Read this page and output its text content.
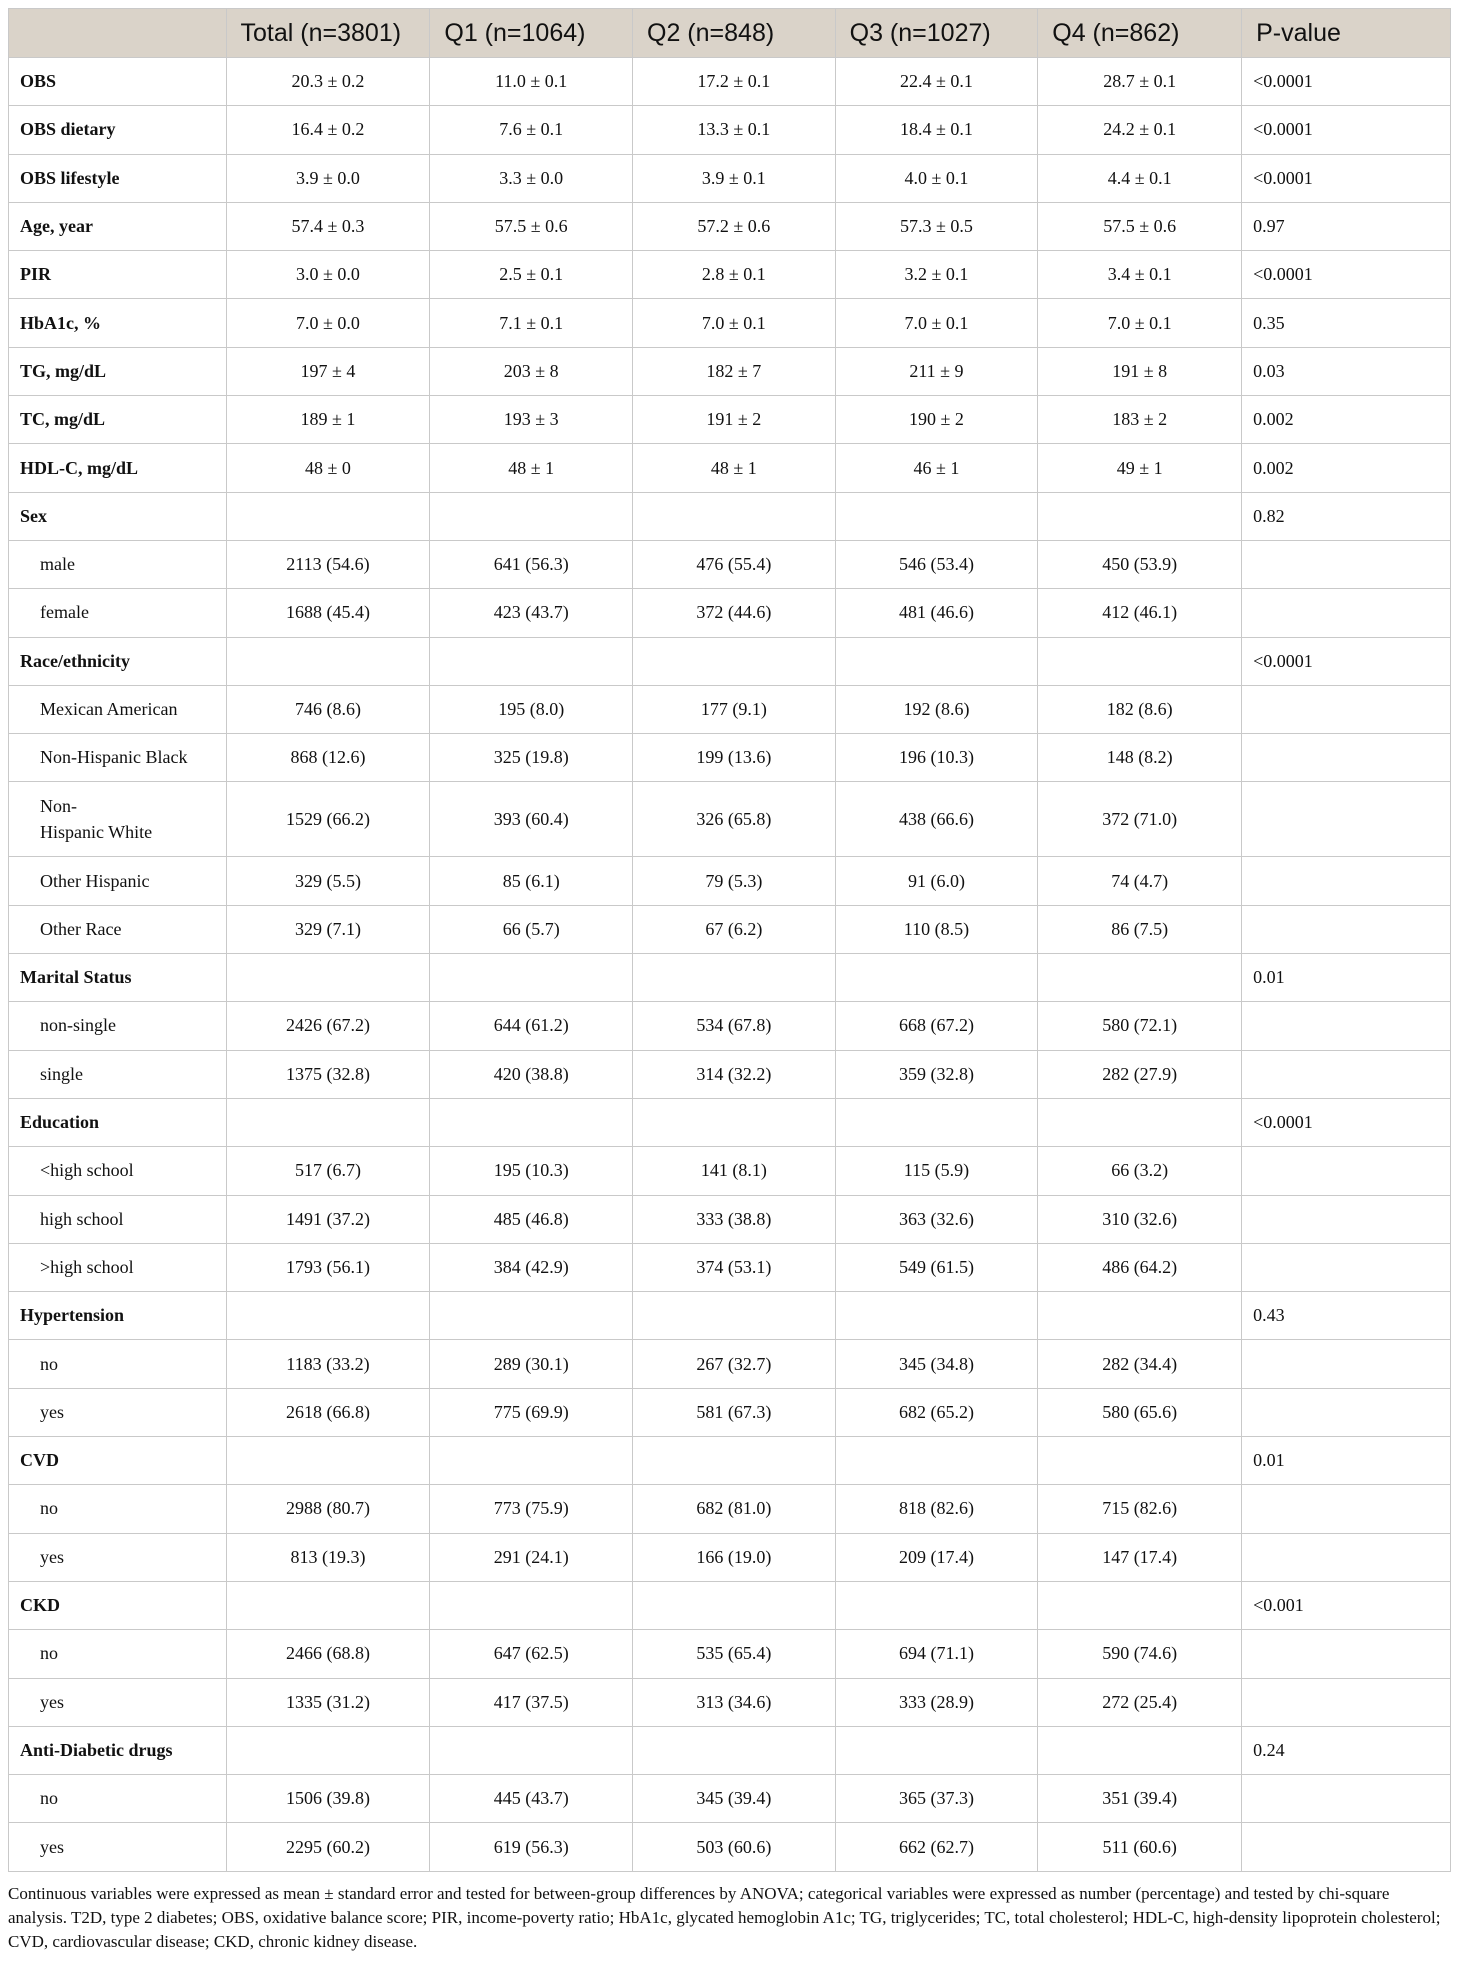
	Total (n=3801)	Q1 (n=1064)	Q2 (n=848)	Q3 (n=1027)	Q4 (n=862)	P-value
OBS	20.3 ± 0.2	11.0 ± 0.1	17.2 ± 0.1	22.4 ± 0.1	28.7 ± 0.1	<0.0001
OBS dietary	16.4 ± 0.2	7.6 ± 0.1	13.3 ± 0.1	18.4 ± 0.1	24.2 ± 0.1	<0.0001
OBS lifestyle	3.9 ± 0.0	3.3 ± 0.0	3.9 ± 0.1	4.0 ± 0.1	4.4 ± 0.1	<0.0001
Age, year	57.4 ± 0.3	57.5 ± 0.6	57.2 ± 0.6	57.3 ± 0.5	57.5 ± 0.6	0.97
PIR	3.0 ± 0.0	2.5 ± 0.1	2.8 ± 0.1	3.2 ± 0.1	3.4 ± 0.1	<0.0001
HbA1c, %	7.0 ± 0.0	7.1 ± 0.1	7.0 ± 0.1	7.0 ± 0.1	7.0 ± 0.1	0.35
TG, mg/dL	197 ± 4	203 ± 8	182 ± 7	211 ± 9	191 ± 8	0.03
TC, mg/dL	189 ± 1	193 ± 3	191 ± 2	190 ± 2	183 ± 2	0.002
HDL-C, mg/dL	48 ± 0	48 ± 1	48 ± 1	46 ± 1	49 ± 1	0.002
Sex						0.82
male	2113 (54.6)	641 (56.3)	476 (55.4)	546 (53.4)	450 (53.9)	
female	1688 (45.4)	423 (43.7)	372 (44.6)	481 (46.6)	412 (46.1)	
Race/ethnicity						<0.0001
Mexican American	746 (8.6)	195 (8.0)	177 (9.1)	192 (8.6)	182 (8.6)	
Non-Hispanic Black	868 (12.6)	325 (19.8)	199 (13.6)	196 (10.3)	148 (8.2)	
Non-
Hispanic White	1529 (66.2)	393 (60.4)	326 (65.8)	438 (66.6)	372 (71.0)	
Other Hispanic	329 (5.5)	85 (6.1)	79 (5.3)	91 (6.0)	74 (4.7)	
Other Race	329 (7.1)	66 (5.7)	67 (6.2)	110 (8.5)	86 (7.5)	
Marital Status						0.01
non-single	2426 (67.2)	644 (61.2)	534 (67.8)	668 (67.2)	580 (72.1)	
single	1375 (32.8)	420 (38.8)	314 (32.2)	359 (32.8)	282 (27.9)	
Education						<0.0001
<high school	517 (6.7)	195 (10.3)	141 (8.1)	115 (5.9)	66 (3.2)	
high school	1491 (37.2)	485 (46.8)	333 (38.8)	363 (32.6)	310 (32.6)	
>high school	1793 (56.1)	384 (42.9)	374 (53.1)	549 (61.5)	486 (64.2)	
Hypertension						0.43
no	1183 (33.2)	289 (30.1)	267 (32.7)	345 (34.8)	282 (34.4)	
yes	2618 (66.8)	775 (69.9)	581 (67.3)	682 (65.2)	580 (65.6)	
CVD						0.01
no	2988 (80.7)	773 (75.9)	682 (81.0)	818 (82.6)	715 (82.6)	
yes	813 (19.3)	291 (24.1)	166 (19.0)	209 (17.4)	147 (17.4)	
CKD						<0.001
no	2466 (68.8)	647 (62.5)	535 (65.4)	694 (71.1)	590 (74.6)	
yes	1335 (31.2)	417 (37.5)	313 (34.6)	333 (28.9)	272 (25.4)	
Anti-Diabetic drugs						0.24
no	1506 (39.8)	445 (43.7)	345 (39.4)	365 (37.3)	351 (39.4)	
yes	2295 (60.2)	619 (56.3)	503 (60.6)	662 (62.7)	511 (60.6)	

Continuous variables were expressed as mean ± standard error and tested for between-group differences by ANOVA; categorical variables were expressed as number (percentage) and tested by chi-square analysis. T2D, type 2 diabetes; OBS, oxidative balance score; PIR, income-poverty ratio; HbA1c, glycated hemoglobin A1c; TG, triglycerides; TC, total cholesterol; HDL-C, high-density lipoprotein cholesterol; CVD, cardiovascular disease; CKD, chronic kidney disease.
